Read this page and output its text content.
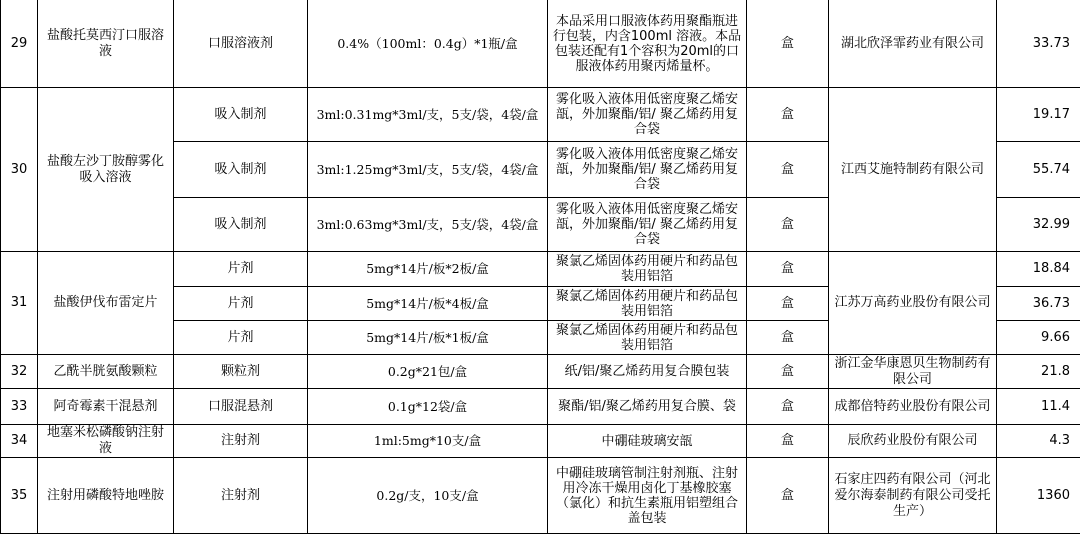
29	盐酸托莫西汀口服溶液	口服溶液剂	0.4%（100ml：0.4g）*1瓶/盒	本品采用口服液体药用聚酯瓶进行包装，内含100ml 溶液。本品包装还配有1个容积为20ml的口服液体药用聚丙烯量杯。	盒	湖北欣泽霏药业有限公司	33.73
30	盐酸左沙丁胺醇雾化吸入溶液	吸入制剂	3ml:0.31mg*3ml/支，5支/袋，4袋/盒	雾化吸入液体用低密度聚乙烯安瓿，外加聚酯/铝/ 聚乙烯药用复合袋	盒	江西艾施特制药有限公司	19.17
		吸入制剂	3ml:1.25mg*3ml/支，5支/袋，4袋/盒	雾化吸入液体用低密度聚乙烯安瓿，外加聚酯/铝/ 聚乙烯药用复合袋	盒		55.74
		吸入制剂	3ml:0.63mg*3ml/支，5支/袋，4袋/盒	雾化吸入液体用低密度聚乙烯安瓿，外加聚酯/铝/ 聚乙烯药用复合袋	盒		32.99
31	盐酸伊伐布雷定片	片剂	5mg*14片/板*2板/盒	聚氯乙烯固体药用硬片和药品包装用铝箔	盒	江苏万高药业股份有限公司	18.84
		片剂	5mg*14片/板*4板/盒	聚氯乙烯固体药用硬片和药品包装用铝箔	盒		36.73
		片剂	5mg*14片/板*1板/盒	聚氯乙烯固体药用硬片和药品包装用铝箔	盒		9.66
32	乙酰半胱氨酸颗粒	颗粒剂	0.2g*21包/盒	纸/铝/聚乙烯药用复合膜包装	盒	浙江金华康恩贝生物制药有限公司	21.8
33	阿奇霉素干混悬剂	口服混悬剂	0.1g*12袋/盒	聚酯/铝/聚乙烯药用复合膜、袋	盒	成都倍特药业股份有限公司	11.4
34	地塞米松磷酸钠注射液	注射剂	1ml:5mg*10支/盒	中硼硅玻璃安瓿	盒	辰欣药业股份有限公司	4.3
35	注射用磷酸特地唑胺	注射剂	0.2g/支，10支/盒	中硼硅玻璃管制注射剂瓶、注射用冷冻干燥用卤化丁基橡胶塞（氯化）和抗生素瓶用铝塑组合盖包装	盒	石家庄四药有限公司（河北爱尔海泰制药有限公司受托生产）	1360
